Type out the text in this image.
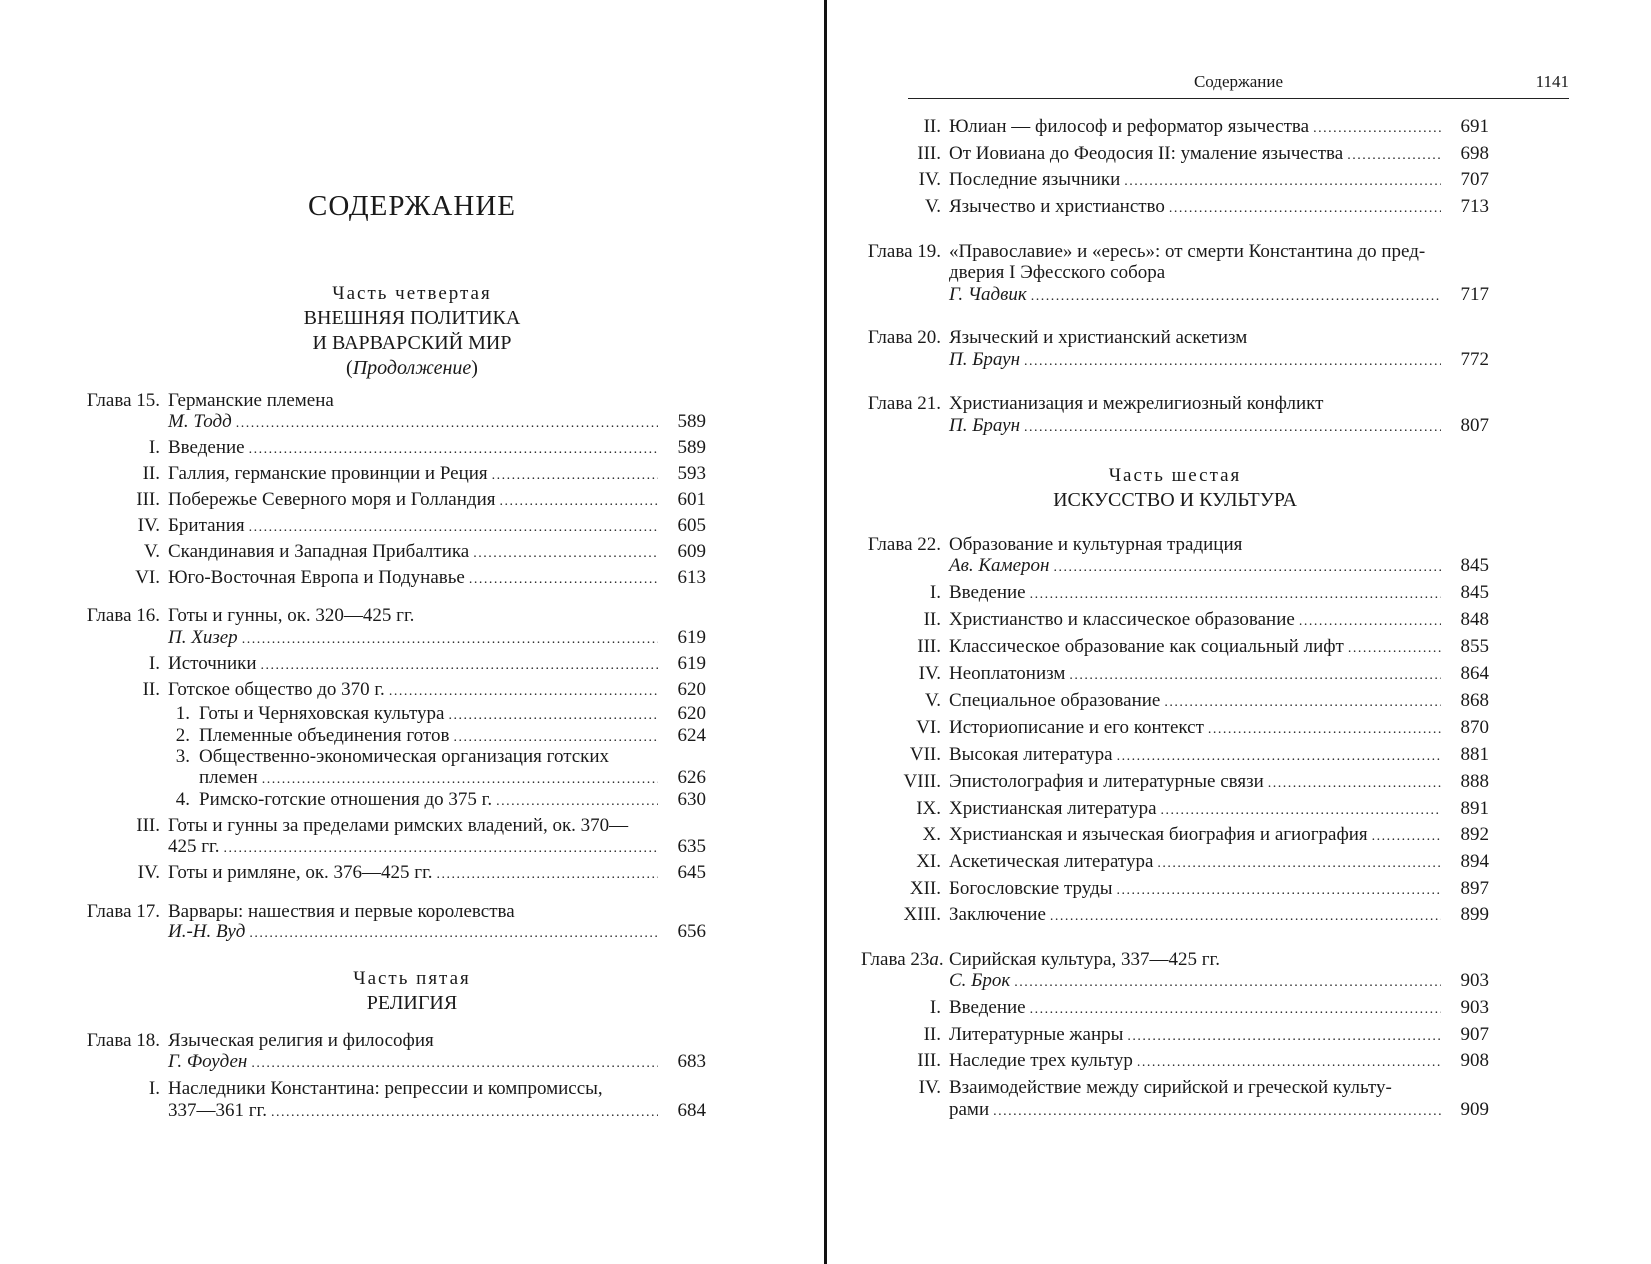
СОДЕРЖАНИЕ
Часть четвертая
ВНЕШНЯЯ ПОЛИТИКА
И ВАРВАРСКИЙ МИР
(Продолжение)
Глава 15. Германские племена
М. Тодд . . .	589
I. Введение . . .	589
II. Галлия, германские провинции и Реция . . .	593
III. Побережье Северного моря и Голландия . . .	601
IV. Британия . . .	605
V. Скандинавия и Западная Прибалтика . . .	609
VI. Юго-Восточная Европа и Подунавье . . .	613
Глава 16. Готы и гунны, ок. 320—425 гг.
П. Хизер . . .	619
I. Источники . . .	619
II. Готское общество до 370 г. . . .	620
1. Готы и Черняховская культура . . .	620
2. Племенные объединения готов . . .	624
3. Общественно-экономическая организация готских
племен . . .	626
4. Римско-готские отношения до 375 г. . . .	630
III. Готы и гунны за пределами римских владений, ок. 370—
425 гг. . . .	635
IV. Готы и римляне, ок. 376—425 гг. . . .	645
Глава 17. Варвары: нашествия и первые королевства
И.-Н. Вуд . . .	656
Часть пятая
РЕЛИГИЯ
Глава 18. Языческая религия и философия
Г. Фоуден . . .	683
I. Наследники Константина: репрессии и компромиссы,
337—361 гг. . . .	684
Содержание	1141
II. Юлиан — философ и реформатор язычества . . .	691
III. От Иовиана до Феодосия II: умаление язычества . . .	698
IV. Последние язычники . . .	707
V. Язычество и христианство . . .	713
Глава 19. «Православие» и «ересь»: от смерти Константина до пред-
дверия I Эфесского собора
Г. Чадвик . . .	717
Глава 20. Языческий и христианский аскетизм
П. Браун . . .	772
Глава 21. Христианизация и межрелигиозный конфликт
П. Браун . . .	807
Часть шестая
ИСКУССТВО И КУЛЬТУРА
Глава 22. Образование и культурная традиция
Ав. Камерон . . .	845
I. Введение . . .	845
II. Христианство и классическое образование . . .	848
III. Классическое образование как социальный лифт . . .	855
IV. Неоплатонизм . . .	864
V. Специальное образование . . .	868
VI. Историописание и его контекст . . .	870
VII. Высокая литература . . .	881
VIII. Эпистолография и литературные связи . . .	888
IX. Христианская литература . . .	891
X. Христианская и языческая биография и агиография . . .	892
XI. Аскетическая литература . . .	894
XII. Богословские труды . . .	897
XIII. Заключение . . .	899
Глава 23а. Сирийская культура, 337—425 гг.
С. Брок . . .	903
I. Введение . . .	903
II. Литературные жанры . . .	907
III. Наследие трех культур . . .	908
IV. Взаимодействие между сирийской и греческой культу-
рами . . .	909
